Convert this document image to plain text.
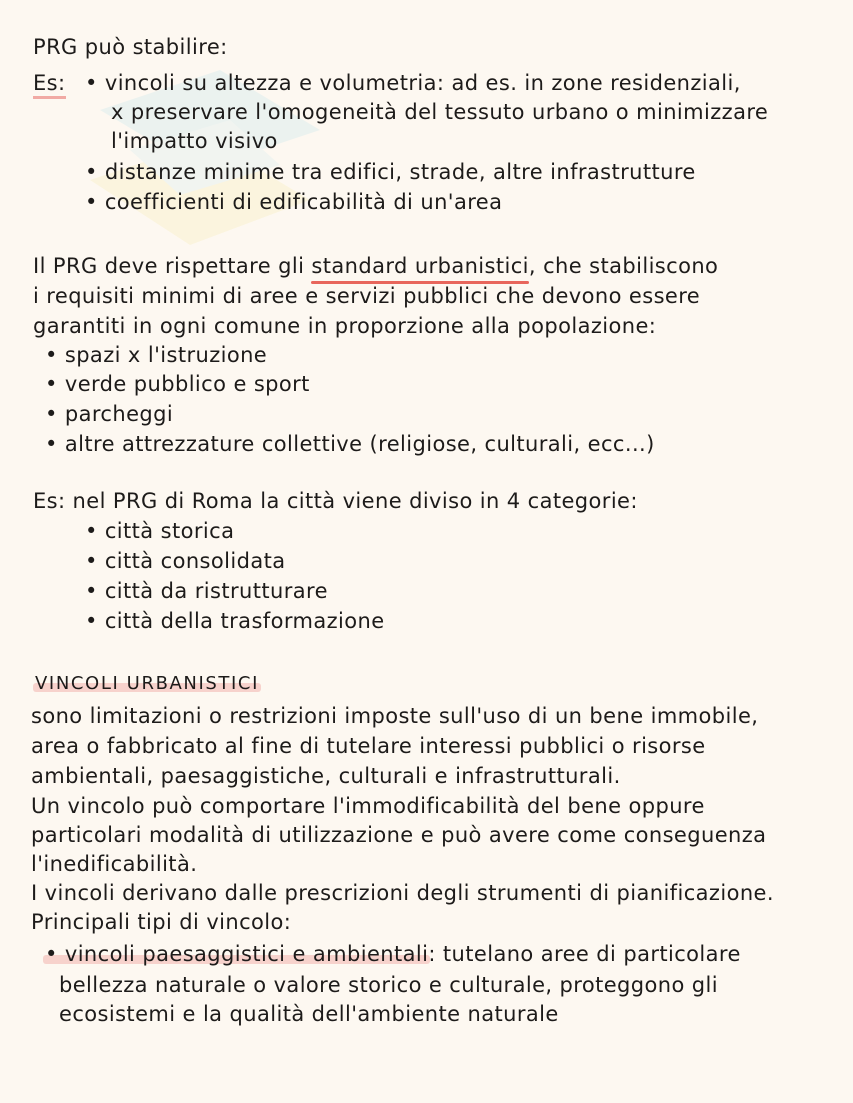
PRG può stabilire:
Es: • vincoli su altezza e volumetria: ad es. in zone residenziali,
x preservare l'omogeneità del tessuto urbano o minimizzare
l'impatto visivo
• distanze minime tra edifici, strade, altre infrastrutture
• coefficienti di edificabilità di un'area
Il PRG deve rispettare gli standard urbanistici, che stabiliscono
i requisiti minimi di aree e servizi pubblici che devono essere
garantiti in ogni comune in proporzione alla popolazione:
• spazi x l'istruzione
• verde pubblico e sport
• parcheggi
• altre attrezzature collettive (religiose, culturali, ecc...)
Es: nel PRG di Roma la città viene diviso in 4 categorie:
• città storica
• città consolidata
• città da ristrutturare
• città della trasformazione
VINCOLI URBANISTICI
sono limitazioni o restrizioni imposte sull'uso di un bene immobile,
area o fabbricato al fine di tutelare interessi pubblici o risorse
ambientali, paesaggistiche, culturali e infrastrutturali.
Un vincolo può comportare l'immodificabilità del bene oppure
particolari modalità di utilizzazione e può avere come conseguenza
l'inedificabilità.
I vincoli derivano dalle prescrizioni degli strumenti di pianificazione.
Principali tipi di vincolo:
• vincoli paesaggistici e ambientali: tutelano aree di particolare
bellezza naturale o valore storico e culturale, proteggono gli
ecosistemi e la qualità dell'ambiente naturale
